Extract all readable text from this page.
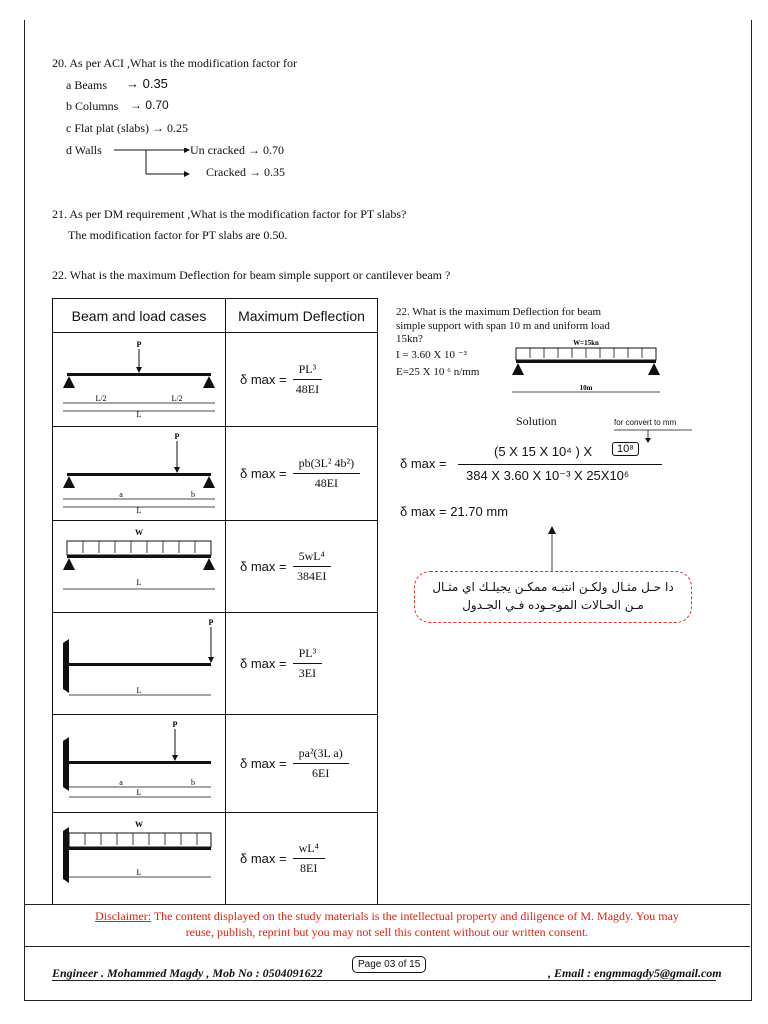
20. As per ACI ,What is the modification factor for
a Beams → 0.35
b Columns → 0.70
c Flat plat (slabs) → 0.25
d Walls	Un cracked → 0.70
Cracked → 0.35
21. As per DM requirement ,What is the modification factor for PT slabs?
The modification factor for PT slabs are 0.50.
22. What is the maximum Deflection for beam simple support or cantilever beam ?
Beam and load cases	Maximum Deflection

P
L/2 L/2
L	δ $\max = \frac{\text{PL³}}{48EI}$

P
a b
L	δ $\max = \frac{\text{pb(3L² 4b²)}}{48EI}$

W
L	δ $\max = \frac{\text{5wL⁴}}{384EI}$

P
L	δ $\max = \frac{\text{PL³}}{3EI}$

P
a b
L	δ $\max = \frac{\text{pa²(3L a)}}{6EI}$

W
L	δ $\max = \frac{\text{wL⁴}}{8EI}$
22. What is the maximum Deflection for beam
simple support with span 10 m and uniform load
15kn?
I = 3.60 X 10 ⁻³
E=25 X 10 ⁶ n/mm
W=15kn
10m
Solution	for convert to mm
δ max =
(5 X 15 X 10⁴ ) X	10⁸
384 X 3.60 X 10⁻³ X 25X10⁶
δ max = 21.70 mm
دا حـل مثـال ولكـن انتبـه ممكـن يجيلـك اي مثـال
مـن الحـالات الموجـوده فـي الجـدول
Disclaimer: The content displayed on the study materials is the intellectual property and diligence of M. Magdy. You may
reuse, publish, reprint but you may not sell this content without our written consent.
Engineer . Mohammed Magdy , Mob No : 0504091622
Page 03 of 15
, Email : engmmagdy5@gmail.com
